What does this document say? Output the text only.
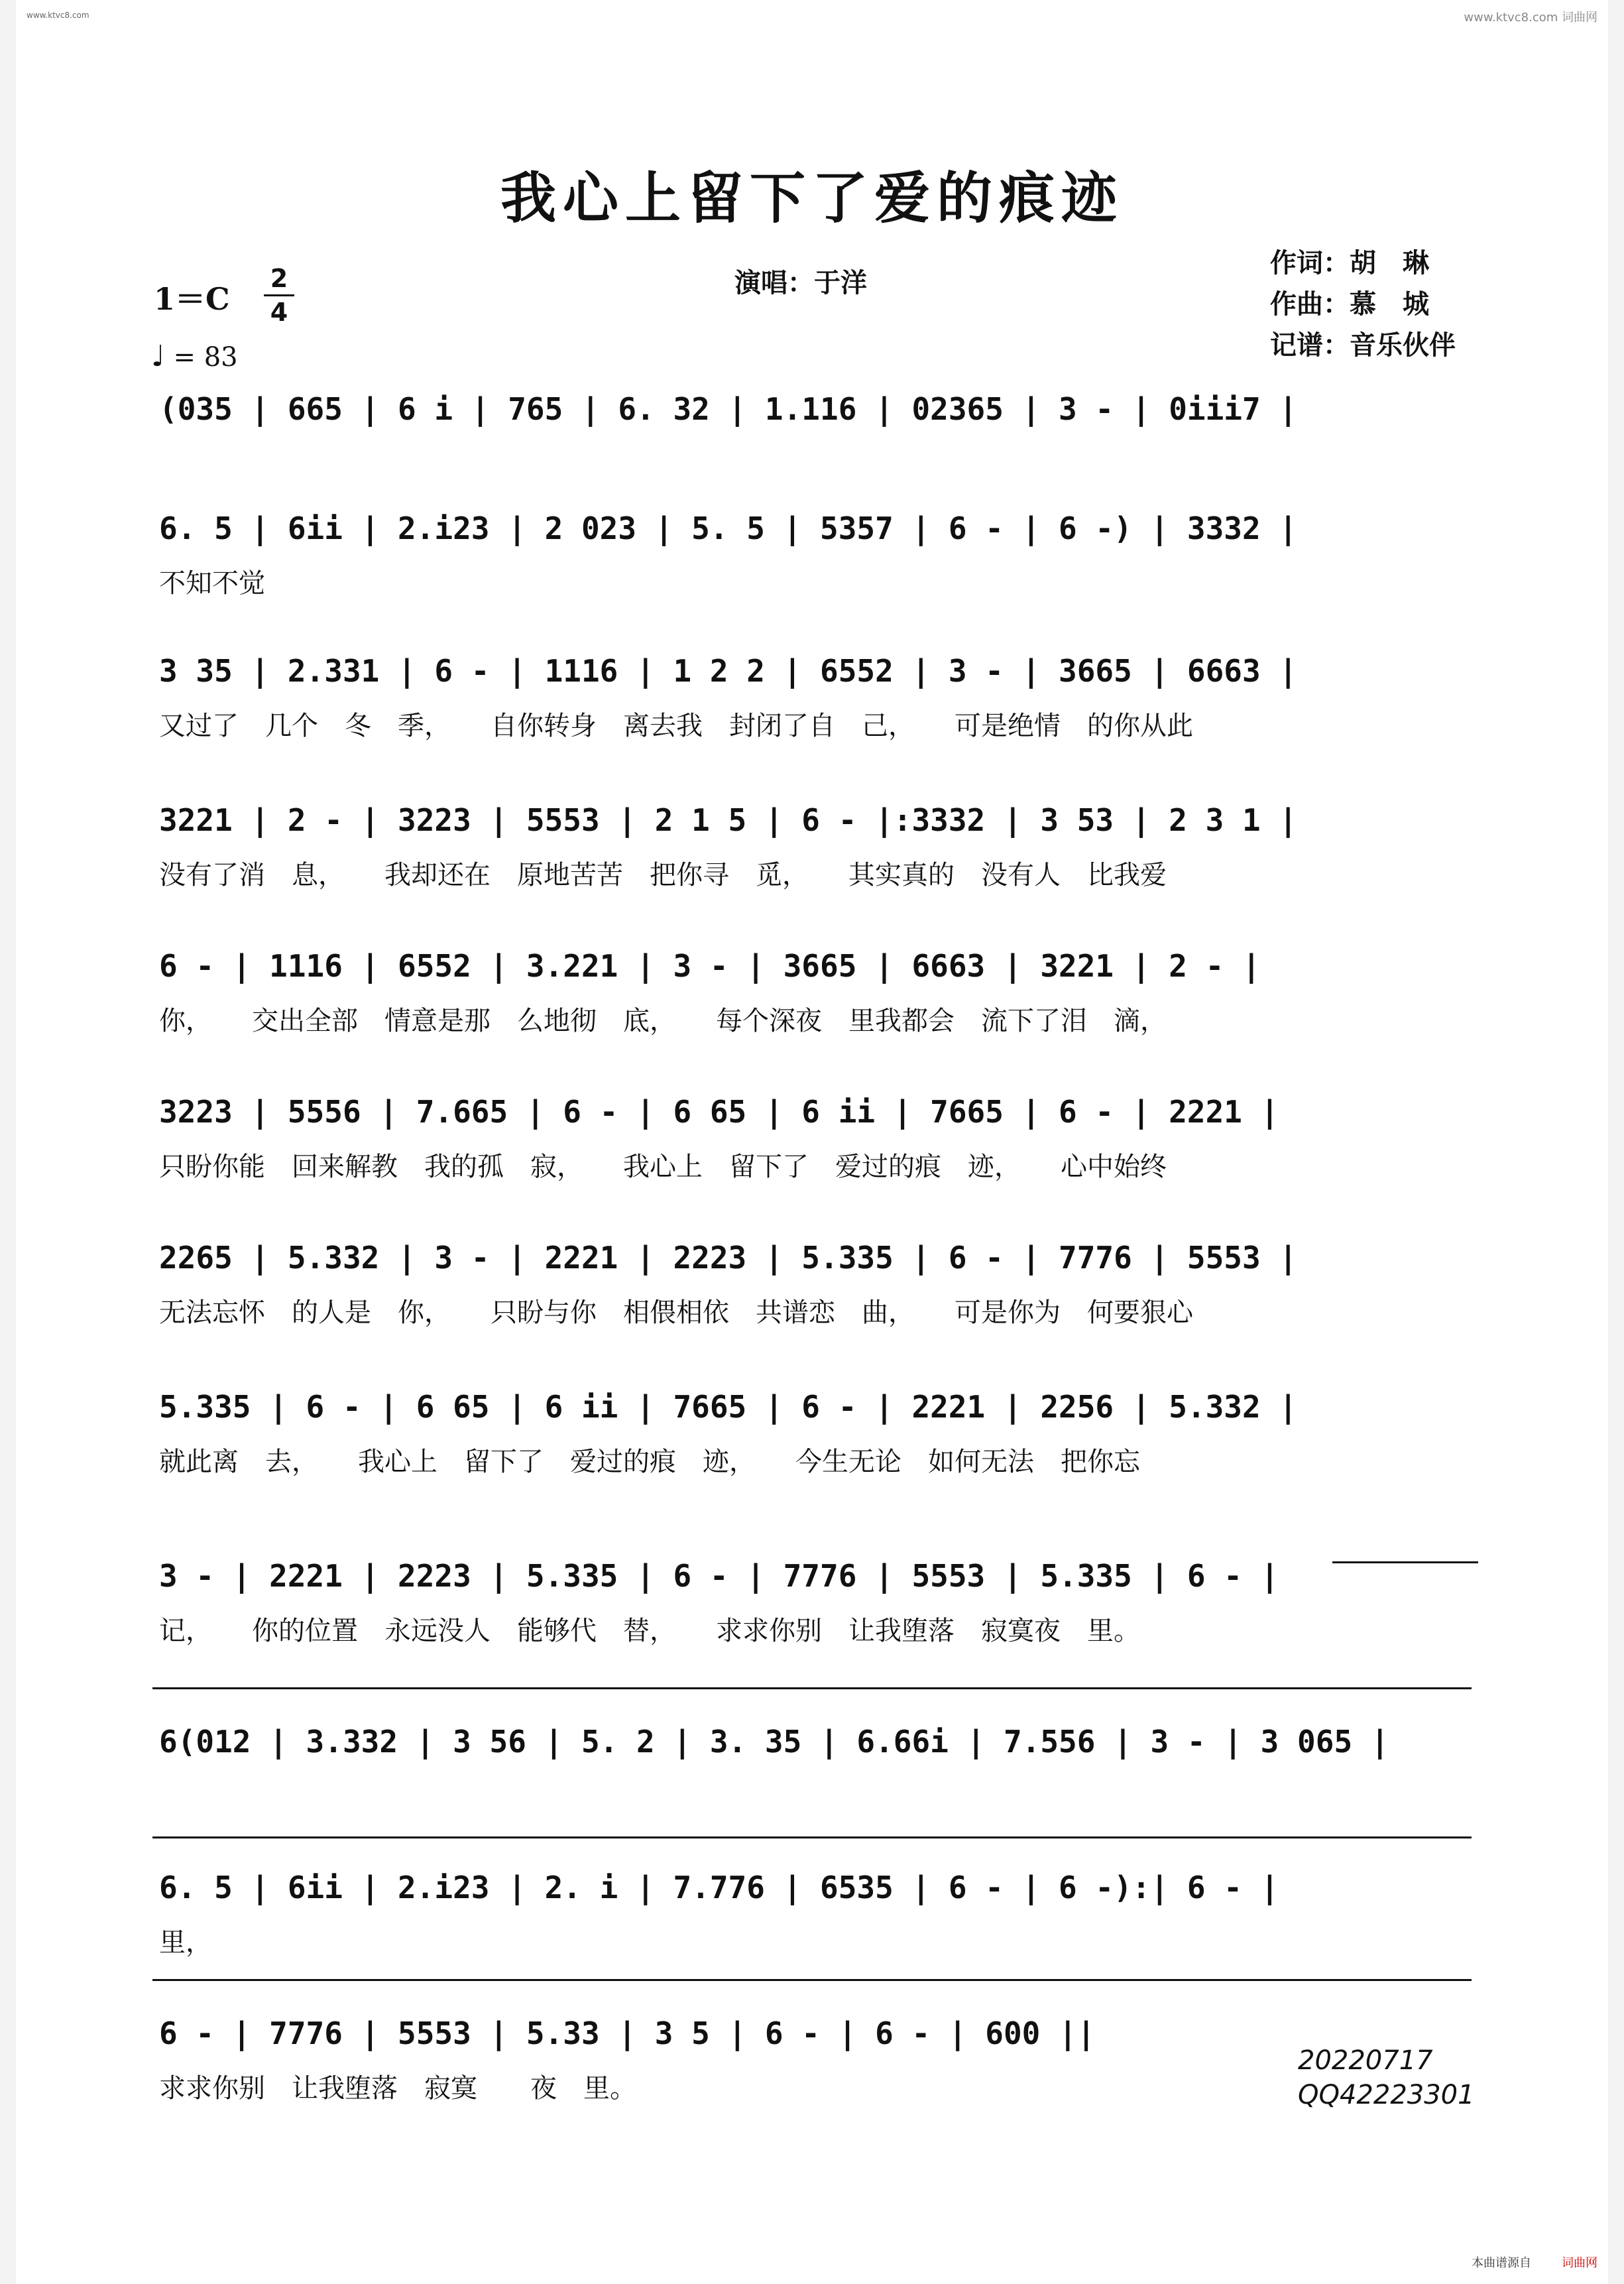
www.ktvc8.com	www.ktvc8.com 词曲网
我心上留下了爱的痕迹
1＝C
2
4
♩ = 83
演唱：于洋
作词：胡　琳
作曲：慕　城
记谱：音乐伙伴
(035 | 665 | 6 i | 765 | 6. 32 | 1.116 | 02365 | 3 - | 0iii7 |
6. 5 | 6ii | 2.i23 | 2 023 | 5. 5 | 5357 | 6 - | 6 -) | 3332 |
不知不觉
3 35 | 2.331 | 6 - | 1116 | 1 2 2 | 6552 | 3 - | 3665 | 6663 |
又过了　几个　冬　季，　　自你转身　离去我　封闭了自　己，　　可是绝情　的你从此
3221 | 2 - | 3223 | 5553 | 2 1 5 | 6 - |:3332 | 3 53 | 2 3 1 |
没有了消　息，　　我却还在　原地苦苦　把你寻　觅，　　其实真的　没有人　比我爱
6 - | 1116 | 6552 | 3.221 | 3 - | 3665 | 6663 | 3221 | 2 - |
你，　　交出全部　情意是那　么地彻　底，　　每个深夜　里我都会　流下了泪　滴，
3223 | 5556 | 7.665 | 6 - | 6 65 | 6 ii | 7665 | 6 - | 2221 |
只盼你能　回来解教　我的孤　寂，　　我心上　留下了　爱过的痕　迹，　　心中始终
2265 | 5.332 | 3 - | 2221 | 2223 | 5.335 | 6 - | 7776 | 5553 |
无法忘怀　的人是　你，　　只盼与你　相偎相依　共谱恋　曲，　　可是你为　何要狠心
5.335 | 6 - | 6 65 | 6 ii | 7665 | 6 - | 2221 | 2256 | 5.332 |
就此离　去，　　我心上　留下了　爱过的痕　迹，　　今生无论　如何无法　把你忘
3 - | 2221 | 2223 | 5.335 | 6 - | 7776 | 5553 | 5.335 | 6 - |
记，　　你的位置　永远没人　能够代　替，　　求求你别　让我堕落　寂寞夜　里。
6(012 | 3.332 | 3 56 | 5. 2 | 3. 35 | 6.66i | 7.556 | 3 - | 3 065 |
6. 5 | 6ii | 2.i23 | 2. i | 7.776 | 6535 | 6 - | 6 -):| 6 - |
里，
6 - | 7776 | 5553 | 5.33 | 3 5 | 6 - | 6 - | 600 ||
求求你别　让我堕落　寂寞　　夜　里。
20220717
QQ42223301
本曲谱源自	词曲网
